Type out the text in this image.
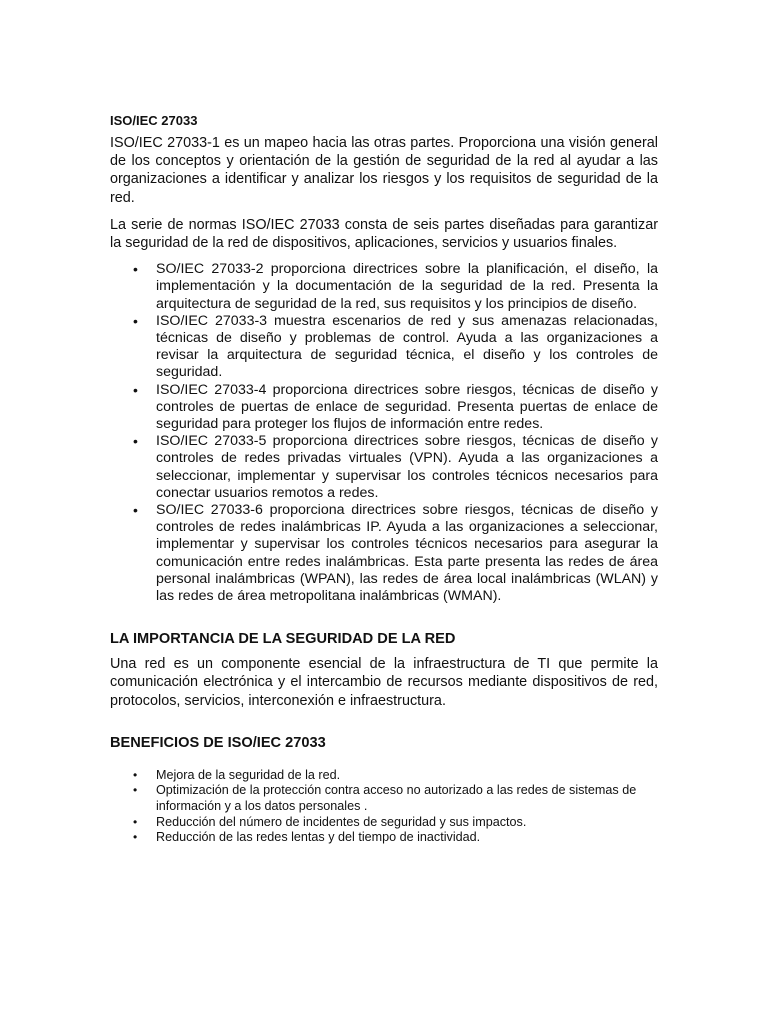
ISO/IEC 27033

ISO/IEC 27033-1 es un mapeo hacia las otras partes. Proporciona una visión general de los conceptos y orientación de la gestión de seguridad de la red al ayudar a las organizaciones a identificar y analizar los riesgos y los requisitos de seguridad de la red.

La serie de normas ISO/IEC 27033 consta de seis partes diseñadas para garantizar la seguridad de la red de dispositivos, aplicaciones, servicios y usuarios finales.

• SO/IEC 27033-2 proporciona directrices sobre la planificación, el diseño, la implementación y la documentación de la seguridad de la red. Presenta la arquitectura de seguridad de la red, sus requisitos y los principios de diseño.
• ISO/IEC 27033-3 muestra escenarios de red y sus amenazas relacionadas, técnicas de diseño y problemas de control. Ayuda a las organizaciones a revisar la arquitectura de seguridad técnica, el diseño y los controles de seguridad.
• ISO/IEC 27033-4 proporciona directrices sobre riesgos, técnicas de diseño y controles de puertas de enlace de seguridad. Presenta puertas de enlace de seguridad para proteger los flujos de información entre redes.
• ISO/IEC 27033-5 proporciona directrices sobre riesgos, técnicas de diseño y controles de redes privadas virtuales (VPN). Ayuda a las organizaciones a seleccionar, implementar y supervisar los controles técnicos necesarios para conectar usuarios remotos a redes.
• SO/IEC 27033-6 proporciona directrices sobre riesgos, técnicas de diseño y controles de redes inalámbricas IP. Ayuda a las organizaciones a seleccionar, implementar y supervisar los controles técnicos necesarios para asegurar la comunicación entre redes inalámbricas. Esta parte presenta las redes de área personal inalámbricas (WPAN), las redes de área local inalámbricas (WLAN) y las redes de área metropolitana inalámbricas (WMAN).
LA IMPORTANCIA DE LA SEGURIDAD DE LA RED

Una red es un componente esencial de la infraestructura de TI que permite la comunicación electrónica y el intercambio de recursos mediante dispositivos de red, protocolos, servicios, interconexión e infraestructura.

BENEFICIOS DE ISO/IEC 27033
• Mejora de la seguridad de la red.
• Optimización de la protección contra acceso no autorizado a las redes de sistemas de información y a los datos personales .
• Reducción del número de incidentes de seguridad y sus impactos.
• Reducción de las redes lentas y del tiempo de inactividad.
